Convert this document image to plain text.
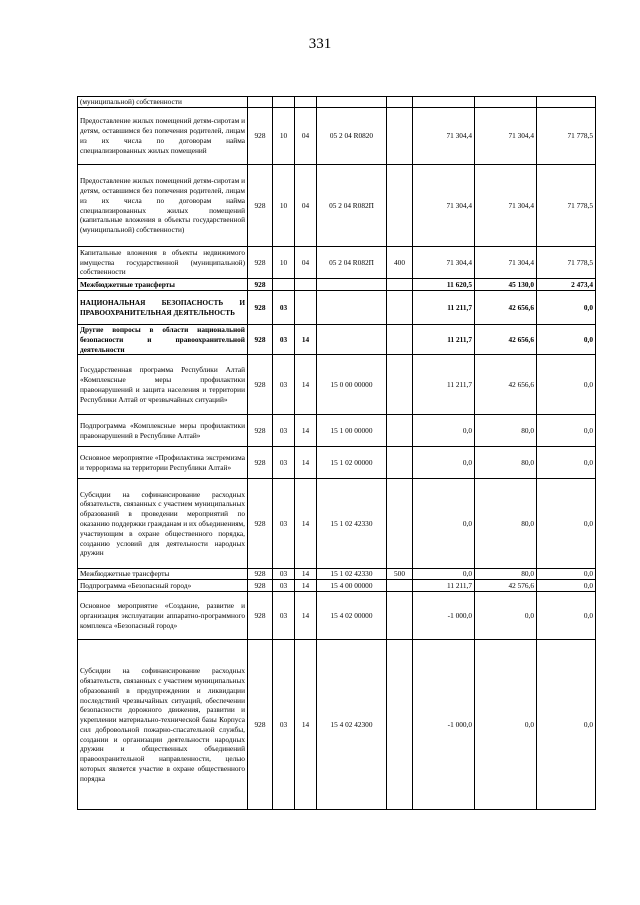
331
(муниципальной) собственности								
Предоставление жилых помещений детям-сиротам и детям, оставшимся без попечения родителей, лицам из их числа по договорам найма специализированных жилых помещений	928	10	04	05 2 04 R0820		71 304,4	71 304,4	71 778,5
Предоставление жилых помещений детям-сиротам и детям, оставшимся без попечения родителей, лицам из их числа по договорам найма специализированных жилых помещений (капитальные вложения в объекты государственной (муниципальной) собственности)	928	10	04	05 2 04 R082П		71 304,4	71 304,4	71 778,5
Капитальные вложения в объекты недвижимого имущества государственной (муниципальной) собственности	928	10	04	05 2 04 R082П	400	71 304,4	71 304,4	71 778,5
Межбюджетные трансферты	928					11 620,5	45 130,0	2 473,4
НАЦИОНАЛЬНАЯ БЕЗОПАСНОСТЬ И ПРАВООХРАНИТЕЛЬНАЯ ДЕЯТЕЛЬНОСТЬ	928	03				11 211,7	42 656,6	0,0
Другие вопросы в области национальной безопасности и правоохранительной деятельности	928	03	14			11 211,7	42 656,6	0,0
Государственная программа Республики Алтай «Комплексные меры профилактики правонарушений и защита населения и территории Республики Алтай от чрезвычайных ситуаций»	928	03	14	15 0 00 00000		11 211,7	42 656,6	0,0
Подпрограмма «Комплексные меры профилактики правонарушений в Республике Алтай»	928	03	14	15 1 00 00000		0,0	80,0	0,0
Основное мероприятие «Профилактика экстремизма и терроризма на территории Республики Алтай»	928	03	14	15 1 02 00000		0,0	80,0	0,0
Субсидии на софинансирование расходных обязательств, связанных с участием муниципальных образований в проведении мероприятий по оказанию поддержки гражданам и их объединениям, участвующим в охране общественного порядка, созданию условий для деятельности народных дружин	928	03	14	15 1 02 42330		0,0	80,0	0,0
Межбюджетные трансферты	928	03	14	15 1 02 42330	500	0,0	80,0	0,0
Подпрограмма «Безопасный город»	928	03	14	15 4 00 00000		11 211,7	42 576,6	0,0
Основное мероприятие «Создание, развитие и организация эксплуатации аппаратно-программного комплекса «Безопасный город»	928	03	14	15 4 02 00000		-1 000,0	0,0	0,0
Субсидии на софинансирование расходных обязательств, связанных с участием муниципальных образований в предупреждении и ликвидации последствий чрезвычайных ситуаций, обеспечении безопасности дорожного движения, развитии и укреплении материально-технической базы Корпуса сил добровольной пожарно-спасательной службы, создании и организации деятельности народных дружин и общественных объединений правоохранительной направленности, целью которых является участие в охране общественного порядка	928	03	14	15 4 02 42300		-1 000,0	0,0	0,0
